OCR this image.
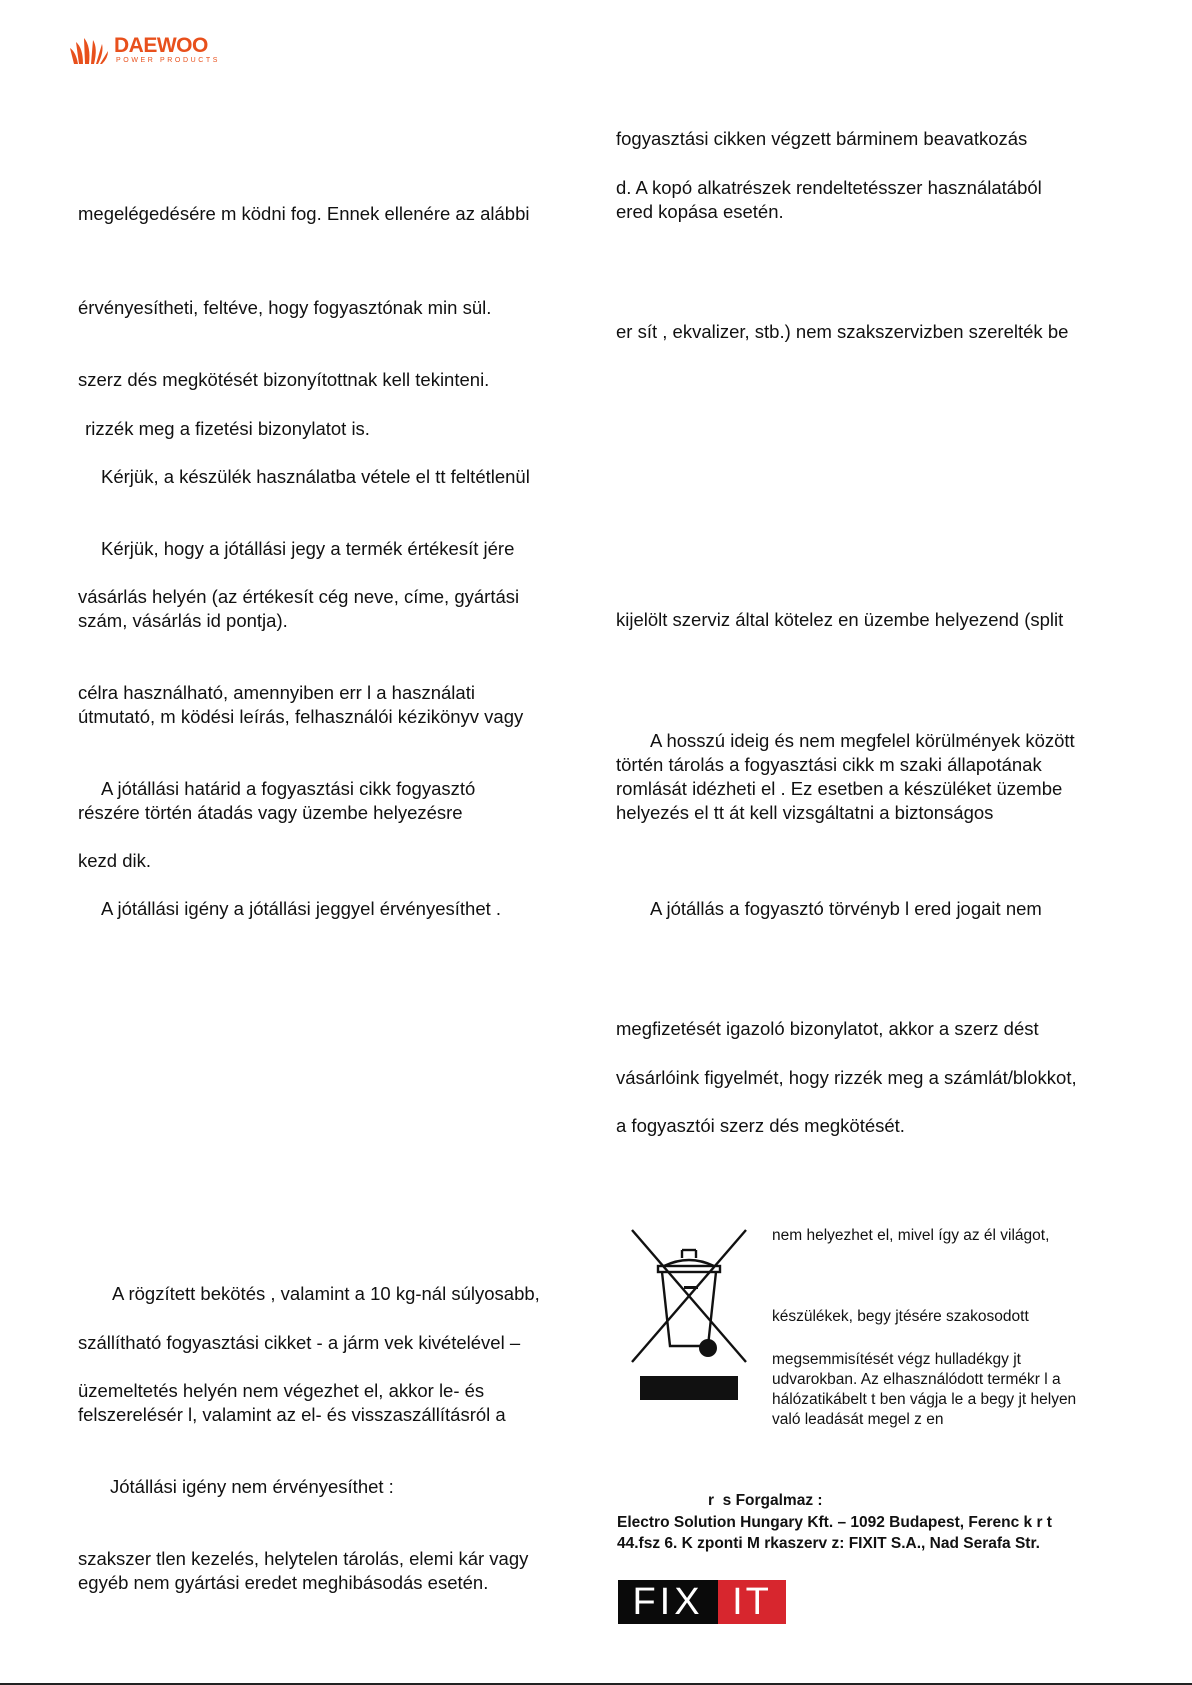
DAEWOO
POWER PRODUCTS
megelégedésére m ködni fog. Ennek ellenére az alábbi
érvényesítheti, feltéve, hogy fogyasztónak min sül.
szerz dés megkötését bizonyítottnak kell tekinteni.
rizzék meg a fizetési bizonylatot is.
Kérjük, a készülék használatba vétele el tt feltétlenül
Kérjük, hogy a jótállási jegy a termék értékesít jére
vásárlás helyén (az értékesít cég neve, címe, gyártási
szám, vásárlás id pontja).
célra használható, amennyiben err l a használati
útmutató, m ködési leírás, felhasználói kézikönyv vagy
A jótállási határid a fogyasztási cikk fogyasztó
részére történ átadás vagy üzembe helyezésre
kezd dik.
A jótállási igény a jótállási jeggyel érvényesíthet .
A rögzített bekötés , valamint a 10 kg-nál súlyosabb,
szállítható fogyasztási cikket - a járm vek kivételével –
üzemeltetés helyén nem végezhet el, akkor le- és
felszerelésér l, valamint az el- és visszaszállításról a
Jótállási igény nem érvényesíthet :
szakszer tlen kezelés, helytelen tárolás, elemi kár vagy
egyéb nem gyártási eredet meghibásodás esetén.
fogyasztási cikken végzett bárminem beavatkozás
d. A kopó alkatrészek rendeltetésszer használatából
ered kopása esetén.
er sít , ekvalizer, stb.) nem szakszervizben szerelték be
kijelölt szerviz által kötelez en üzembe helyezend (split
A hosszú ideig és nem megfelel körülmények között
történ tárolás a fogyasztási cikk m szaki állapotának
romlását idézheti el . Ez esetben a készüléket üzembe
helyezés el tt át kell vizsgáltatni a biztonságos
A jótállás a fogyasztó törvényb l ered jogait nem
megfizetését igazoló bizonylatot, akkor a szerz dést
vásárlóink figyelmét, hogy rizzék meg a számlát/blokkot,
a fogyasztói szerz dés megkötését.
nem helyezhet el, mivel így az él világot,
készülékek, begy jtésére szakosodott
megsemmisítését végz hulladékgy jt
udvarokban. Az elhasználódott termékr l a
hálózatikábelt t ben vágja le a begy jt helyen
való leadását megel z en
r  s Forgalmaz :
Electro Solution Hungary Kft. – 1092 Budapest, Ferenc k r t
44.fsz 6. K zponti M rkaszerv z: FIXIT S.A., Nad Serafa Str.
FIX IT
